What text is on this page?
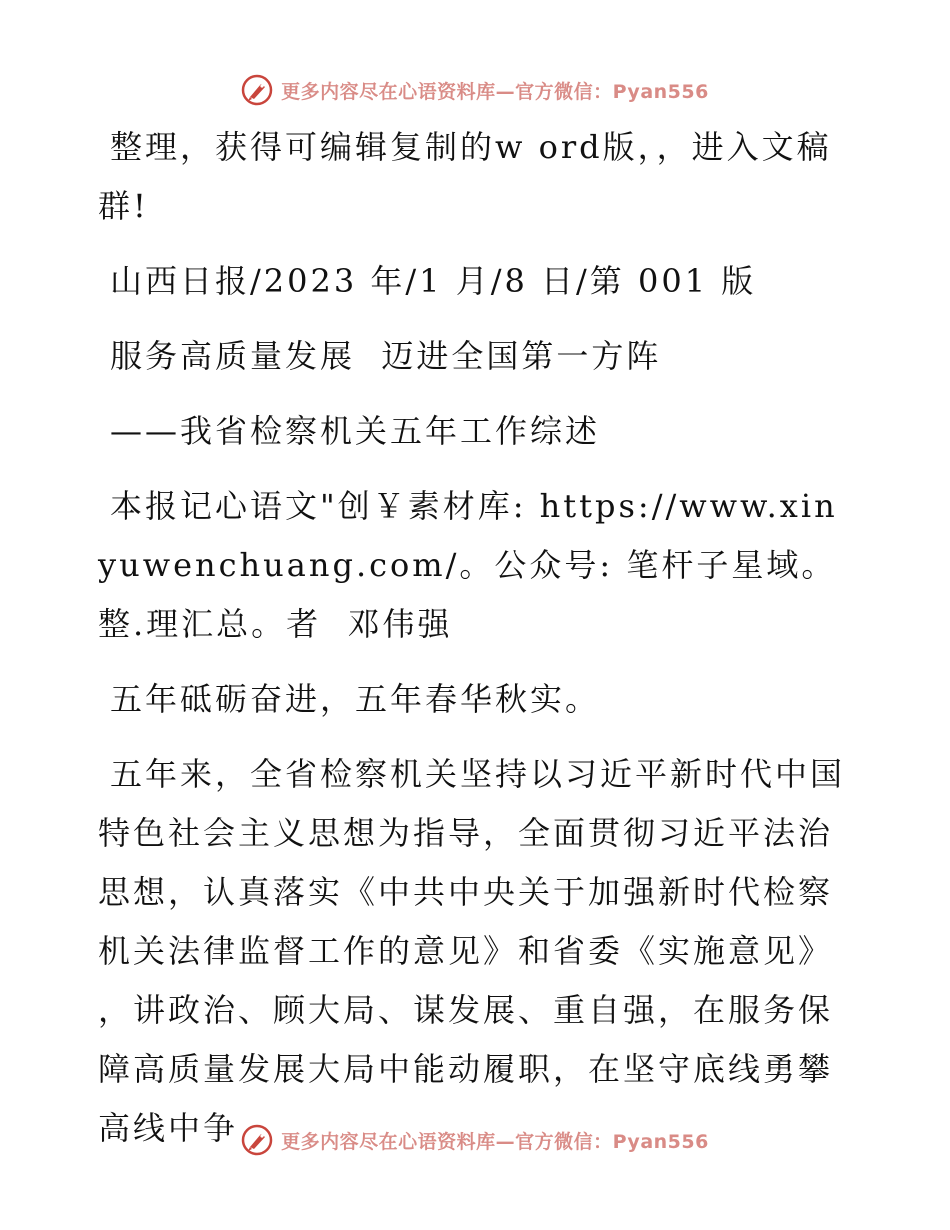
更多内容尽在心语资料库—官方微信：Pyan556

整理，获得可编辑复制的w ord版，，进入文稿群!

山西日报/2023 年/1 月/8 日/第 001 版

服务高质量发展  迈进全国第一方阵

——我省检察机关五年工作综述

本报记心语文"创￥素材库: https://www.xinyuwenchuang.com/。公众号: 笔杆子星域。整.理汇总。者  邓伟强

五年砥砺奋进，五年春华秋实。

五年来，全省检察机关坚持以习近平新时代中国特色社会主义思想为指导，全面贯彻习近平法治思想，认真落实《中共中央关于加强新时代检察机关法律监督工作的意见》和省委《实施意见》 ，讲政治、顾大局、谋发展、重自强，在服务保障高质量发展大局中能动履职，在坚守底线勇攀高线中争	更多内容尽在心语资料库—官方微信：Pyan556
